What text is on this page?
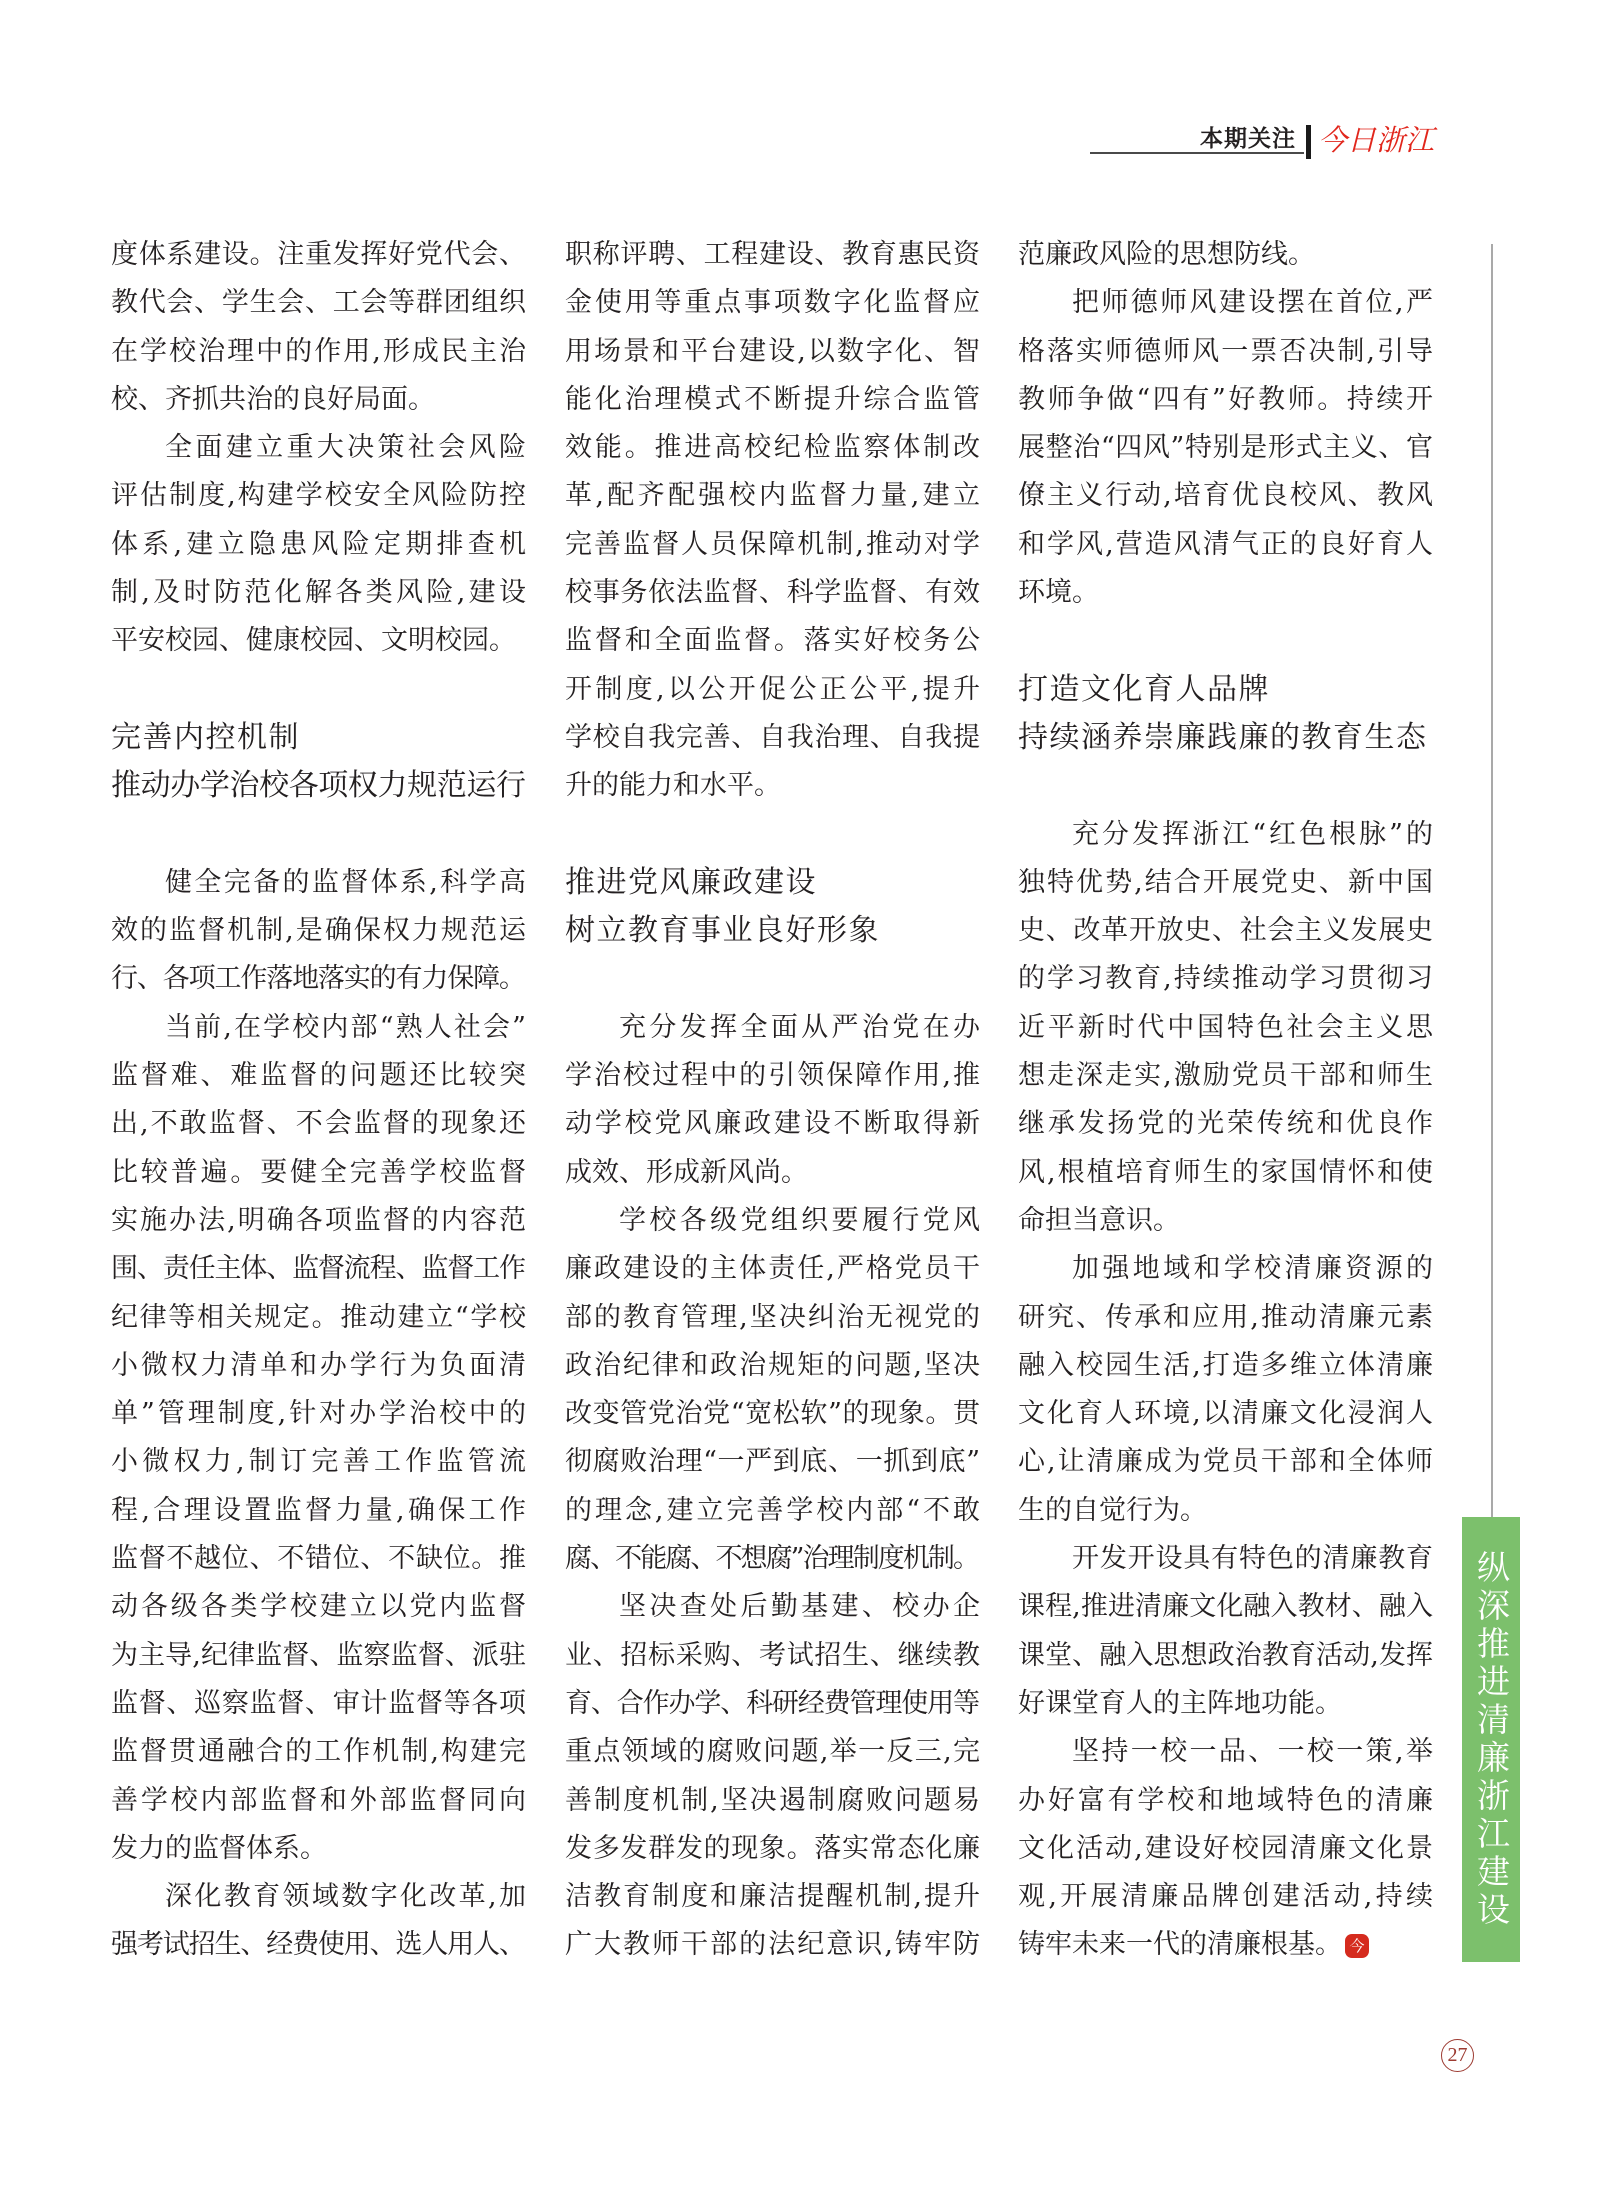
本期关注 今日浙江
度体系建设。注重发挥好党代会、
教代会、学生会、工会等群团组织
在学校治理中的作用,形成民主治
校、齐抓共治的良好局面。
全面建立重大决策社会风险
评估制度,构建学校安全风险防控
体系,建立隐患风险定期排查机
制,及时防范化解各类风险,建设
平安校园、健康校园、文明校园。
完善内控机制
推动办学治校各项权力规范运行
健全完备的监督体系,科学高
效的监督机制,是确保权力规范运
行、各项工作落地落实的有力保障。
当前,在学校内部“熟人社会”
监督难、难监督的问题还比较突
出,不敢监督、不会监督的现象还
比较普遍。要健全完善学校监督
实施办法,明确各项监督的内容范
围、责任主体、监督流程、监督工作
纪律等相关规定。推动建立“学校
小微权力清单和办学行为负面清
单”管理制度,针对办学治校中的
小微权力,制订完善工作监管流
程,合理设置监督力量,确保工作
监督不越位、不错位、不缺位。推
动各级各类学校建立以党内监督
为主导,纪律监督、监察监督、派驻
监督、巡察监督、审计监督等各项
监督贯通融合的工作机制,构建完
善学校内部监督和外部监督同向
发力的监督体系。
深化教育领域数字化改革,加
强考试招生、经费使用、选人用人、
职称评聘、工程建设、教育惠民资
金使用等重点事项数字化监督应
用场景和平台建设,以数字化、智
能化治理模式不断提升综合监管
效能。推进高校纪检监察体制改
革,配齐配强校内监督力量,建立
完善监督人员保障机制,推动对学
校事务依法监督、科学监督、有效
监督和全面监督。落实好校务公
开制度,以公开促公正公平,提升
学校自我完善、自我治理、自我提
升的能力和水平。
推进党风廉政建设
树立教育事业良好形象
充分发挥全面从严治党在办
学治校过程中的引领保障作用,推
动学校党风廉政建设不断取得新
成效、形成新风尚。
学校各级党组织要履行党风
廉政建设的主体责任,严格党员干
部的教育管理,坚决纠治无视党的
政治纪律和政治规矩的问题,坚决
改变管党治党“宽松软”的现象。贯
彻腐败治理“一严到底、一抓到底”
的理念,建立完善学校内部“不敢
腐、不能腐、不想腐”治理制度机制。
坚决查处后勤基建、校办企
业、招标采购、考试招生、继续教
育、合作办学、科研经费管理使用等
重点领域的腐败问题,举一反三,完
善制度机制,坚决遏制腐败问题易
发多发群发的现象。落实常态化廉
洁教育制度和廉洁提醒机制,提升
广大教师干部的法纪意识,铸牢防
范廉政风险的思想防线。
把师德师风建设摆在首位,严
格落实师德师风一票否决制,引导
教师争做“四有”好教师。持续开
展整治“四风”特别是形式主义、官
僚主义行动,培育优良校风、教风
和学风,营造风清气正的良好育人
环境。
打造文化育人品牌
持续涵养崇廉践廉的教育生态
充分发挥浙江“红色根脉”的
独特优势,结合开展党史、新中国
史、改革开放史、社会主义发展史
的学习教育,持续推动学习贯彻习
近平新时代中国特色社会主义思
想走深走实,激励党员干部和师生
继承发扬党的光荣传统和优良作
风,根植培育师生的家国情怀和使
命担当意识。
加强地域和学校清廉资源的
研究、传承和应用,推动清廉元素
融入校园生活,打造多维立体清廉
文化育人环境,以清廉文化浸润人
心,让清廉成为党员干部和全体师
生的自觉行为。
开发开设具有特色的清廉教育
课程,推进清廉文化融入教材、融入
课堂、融入思想政治教育活动,发挥
好课堂育人的主阵地功能。
坚持一校一品、一校一策,举
办好富有学校和地域特色的清廉
文化活动,建设好校园清廉文化景
观,开展清廉品牌创建活动,持续
铸牢未来一代的清廉根基。 今
纵深推进清廉浙江建设
27
